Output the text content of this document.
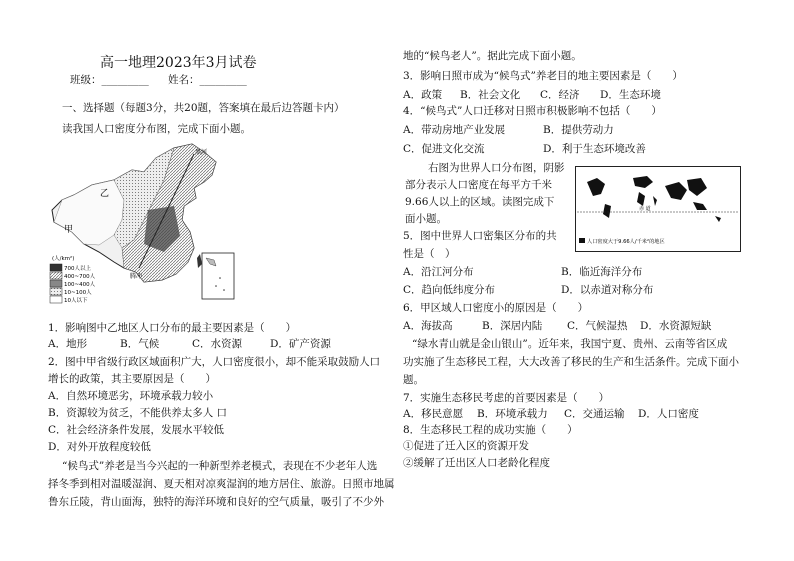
高一地理2023年3月试卷
班级：_________ 姓名：_________
一、选择题（每题3分，共20题，答案填在最后边答题卡内）
读我国人口密度分布图，完成下面小题。
黑河
乙
甲
腾冲
(人/km²)
700人以上
400~700人
100~400人
10~100人
10人以下
1．影响图中乙地区人口分布的最主要因素是（　　）
A．地形	B．气候	C．水资源	D．矿产资源
2．图中甲省级行政区域面积广大，人口密度很小，却不能采取鼓励人口
增长的政策，其主要原因是（　　）
A．自然环境恶劣，环境承载力较小
B．资源较为贫乏，不能供养太多人 口
C．社会经济条件发展，发展水平较低
D．对外开放程度较低
“候鸟式”养老是当今兴起的一种新型养老模式，表现在不少老年人选
择冬季到相对温暖湿润、夏天相对凉爽湿润的地方居住、旅游。日照市地属
鲁东丘陵，背山面海，独特的海洋环境和良好的空气质量，吸引了不少外
地的“候鸟老人”。据此完成下面小题。
3．影响日照市成为“候鸟式”养老目的地主要因素是（　　）
A．政策 B．社会文化 C．经济 D．生态环境
4．“候鸟式”人口迁移对日照市积极影响不包括（　　）
A．带动房地产业发展	B．提供劳动力
C．促进文化交流	D．利于生态环境改善
右图为世界人口分布图，阴影
部分表示人口密度在每平方千米
9.66人以上的区域。读图完成下
面小题。
赤 道
人口密度大于9.66人/千米²的地区
5．图中世界人口密集区分布的共
性是（　）
A．沿江河分布	B．临近海洋分布
C．趋向低纬度分布	D．以赤道对称分布
6．甲区域人口密度小的原因是（　　）
A．海拔高	B．深居内陆 C．气候湿热 D．水资源短缺
“绿水青山就是金山银山”。近年来，我国宁夏、贵州、云南等省区成
功实施了生态移民工程，大大改善了移民的生产和生活条件。完成下面小
题。
7．实施生态移民考虑的首要因素是（　　）
A．移民意愿 B．环境承载力 C．交通运输 D．人口密度
8．生态移民工程的成功实施（　　）
①促进了迁入区的资源开发
②缓解了迁出区人口老龄化程度
